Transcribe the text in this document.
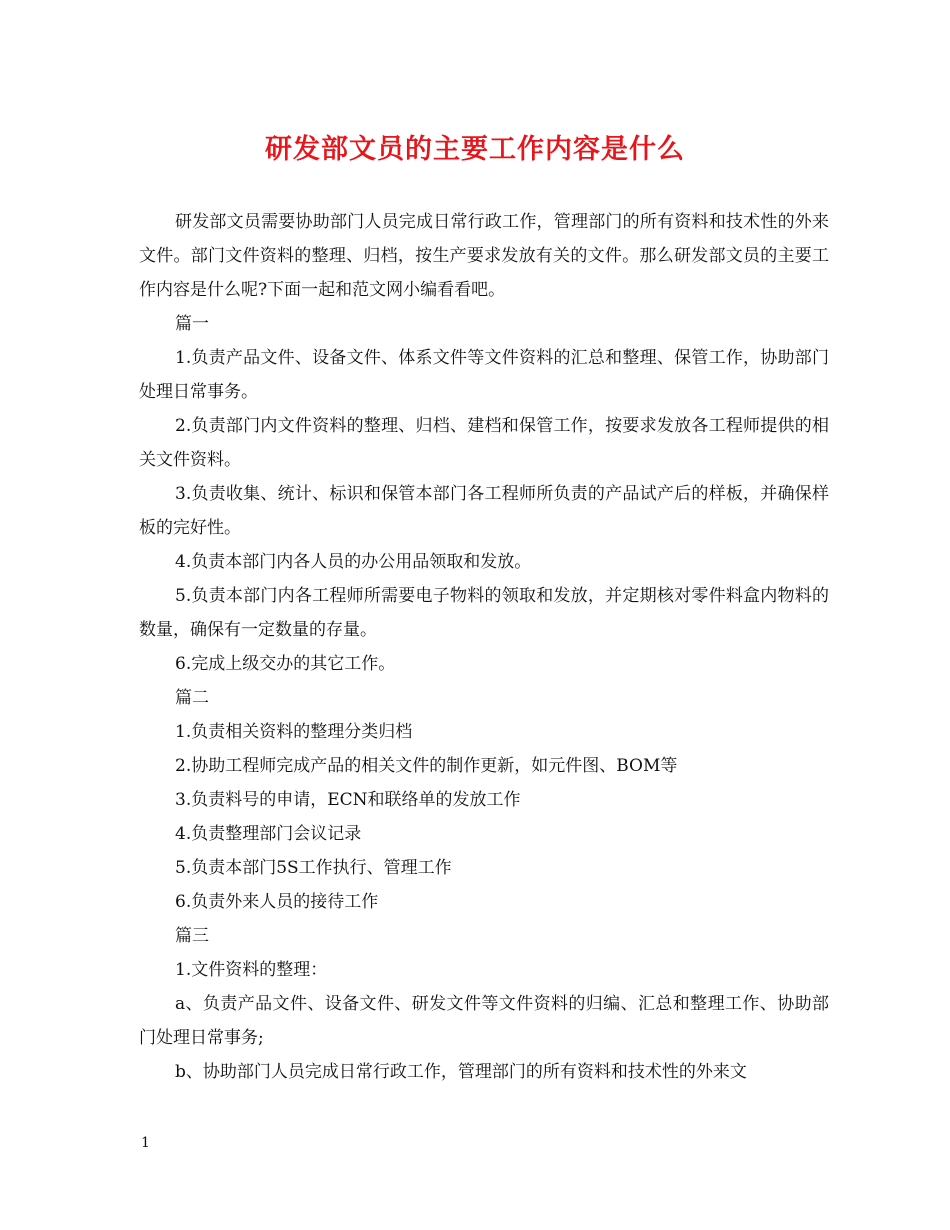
研发部文员的主要工作内容是什么

研发部文员需要协助部门人员完成日常行政工作，管理部门的所有资料和技术性的外来文件。部门文件资料的整理、归档，按生产要求发放有关的文件。那么研发部文员的主要工作内容是什么呢?下面一起和范文网小编看看吧。

篇一

1.负责产品文件、设备文件、体系文件等文件资料的汇总和整理、保管工作，协助部门处理日常事务。

2.负责部门内文件资料的整理、归档、建档和保管工作，按要求发放各工程师提供的相关文件资料。

3.负责收集、统计、标识和保管本部门各工程师所负责的产品试产后的样板，并确保样板的完好性。

4.负责本部门内各人员的办公用品领取和发放。

5.负责本部门内各工程师所需要电子物料的领取和发放，并定期核对零件料盒内物料的数量，确保有一定数量的存量。

6.完成上级交办的其它工作。

篇二

1.负责相关资料的整理分类归档

2.协助工程师完成产品的相关文件的制作更新，如元件图、BOM等

3.负责料号的申请，ECN和联络单的发放工作

4.负责整理部门会议记录

5.负责本部门5S工作执行、管理工作

6.负责外来人员的接待工作

篇三

1.文件资料的整理：

a、负责产品文件、设备文件、研发文件等文件资料的归编、汇总和整理工作、协助部门处理日常事务;

b、协助部门人员完成日常行政工作，管理部门的所有资料和技术性的外来文

1
